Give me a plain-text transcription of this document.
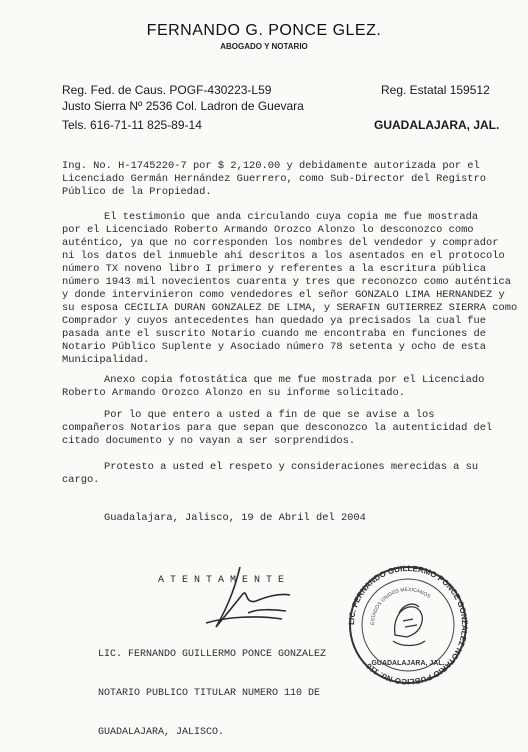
FERNANDO G. PONCE GLEZ.
ABOGADO Y NOTARIO
Reg. Fed. de Caus. POGF-430223-L59
Justo Sierra Nº 2536 Col. Ladron de Guevara
Tels. 616-71-11 825-89-14
Reg. Estatal 159512
GUADALAJARA, JAL.
Ing. No. H-1745220-7 por $ 2,120.00 y debidamente autorizada por el
Licenciado Germán Hernández Guerrero, como Sub-Director del Registro
Público de la Propiedad.
El testimonio que anda circulando cuya copia me fue mostrada
por el Licenciado Roberto Armando Orozco Alonzo lo desconozco como
auténtico, ya que no corresponden los nombres del vendedor y comprador
ni los datos del inmueble ahí descritos a los asentados en el protocolo
número TX noveno libro I primero y referentes a la escritura pública
número 1943 mil novecientos cuarenta y tres que reconozco como auténtica
y donde intervinieron como vendedores el señor GONZALO LIMA HERNANDEZ y
su esposa CECILIA DURAN GONZALEZ DE LIMA, y SERAFIN GUTIERREZ SIERRA como
Comprador y cuyos antecedentes han quedado ya precisados la cual fue
pasada ante el suscrito Notario cuando me encontraba en funciones de
Notario Público Suplente y Asociado número 78 setenta y ocho de esta
Municipalidad.
Anexo copia fotostática que me fue mostrada por el Licenciado
Roberto Armando Orozco Alonzo en su informe solicitado.
Por lo que entero a usted a fin de que se avise a los
compañeros Notarios para que sepan que desconozco la autenticidad del
citado documento y no vayan a ser sorprendidos.
Protesto a usted el respeto y consideraciones merecidas a su
cargo.
Guadalajara, Jalisco, 19 de Abril del 2004
A T E N T A M E N T E

LIC. FERNANDO GUILLERMO PONCE GONZALEZ

NOTARIO PUBLICO TITULAR NUMERO 110 DE

GUADALAJARA, JALISCO.

LIC. FERNANDO GUILLERMO PONCE GONZALEZ NOTARIO PUBLICO No. 110
ESTADOS UNIDOS MEXICANOS
GUADALAJARA, JAL.
